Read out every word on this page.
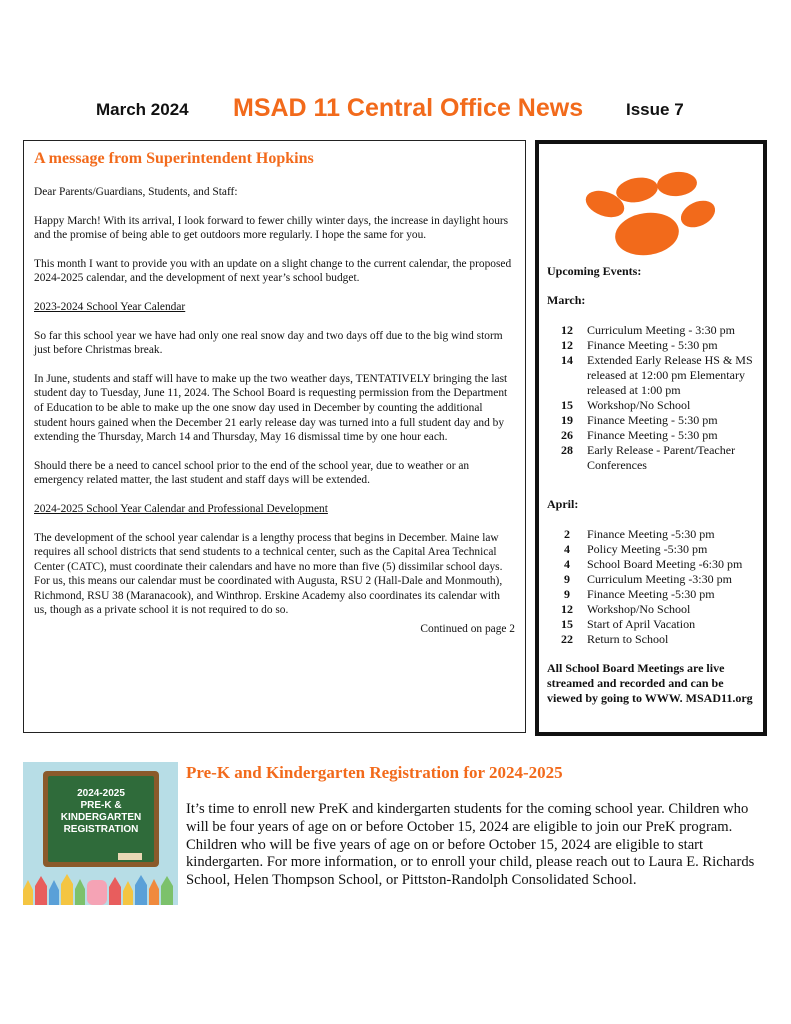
March 2024 MSAD 11 Central Office News	Issue 7
A message from Superintendent Hopkins

Dear Parents/Guardians, Students, and Staff:

Happy March! With its arrival, I look forward to fewer chilly winter days, the increase in daylight hours and the promise of being able to get outdoors more regularly. I hope the same for you.

This month I want to provide you with an update on a slight change to the current calendar, the proposed 2024-2025 calendar, and the development of next year’s school budget.

2023-2024 School Year Calendar

So far this school year we have had only one real snow day and two days off due to the big wind storm just before Christmas break.

In June, students and staff will have to make up the two weather days, TENTATIVELY bringing the last student day to Tuesday, June 11, 2024. The School Board is requesting permission from the Department of Education to be able to make up the one snow day used in December by counting the additional student hours gained when the December 21 early release day was turned into a full student day and by extending the Thursday, March 14 and Thursday, May 16 dismissal time by one hour each.

Should there be a need to cancel school prior to the end of the school year, due to weather or an emergency related matter, the last student and staff days will be extended.

2024-2025 School Year Calendar and Professional Development

The development of the school year calendar is a lengthy process that begins in December. Maine law requires all school districts that send students to a technical center, such as the Capital Area Technical Center (CATC), must coordinate their calendars and have no more than five (5) dissimilar school days. For us, this means our calendar must be coordinated with Augusta, RSU 2 (Hall-Dale and Monmouth), Richmond, RSU 38 (Maranacook), and Winthrop. Erskine Academy also coordinates its calendar with us, though as a private school it is not required to do so.

Continued on page 2
Upcoming Events:
March:
12	Curriculum Meeting - 3:30 pm
12	Finance Meeting - 5:30 pm
14	Extended Early Release HS & MS released at 12:00 pm Elementary released at 1:00 pm
15	Workshop/No School
19	Finance Meeting - 5:30 pm
26	Finance Meeting - 5:30 pm
28	Early Release - Parent/Teacher Conferences
April:
2	Finance Meeting -5:30 pm
4	Policy Meeting -5:30 pm
4	School Board Meeting -6:30 pm
9	Curriculum Meeting -3:30 pm
9	Finance Meeting -5:30 pm
12	Workshop/No School
15	Start of April Vacation
22	Return to School
All School Board Meetings are live streamed and recorded and can be viewed by going to WWW. MSAD11.org
2024-2025
PRE-K &
KINDERGARTEN
REGISTRATION
Pre-K and Kindergarten Registration for 2024-2025

It’s time to enroll new PreK and kindergarten students for the coming school year. Children who will be four years of age on or before October 15, 2024 are eligible to join our PreK program. Children who will be five years of age on or before October 15, 2024 are eligible to start kindergarten. For more information, or to enroll your child, please reach out to Laura E. Richards School, Helen Thompson School, or Pittston-Randolph Consolidated School.
